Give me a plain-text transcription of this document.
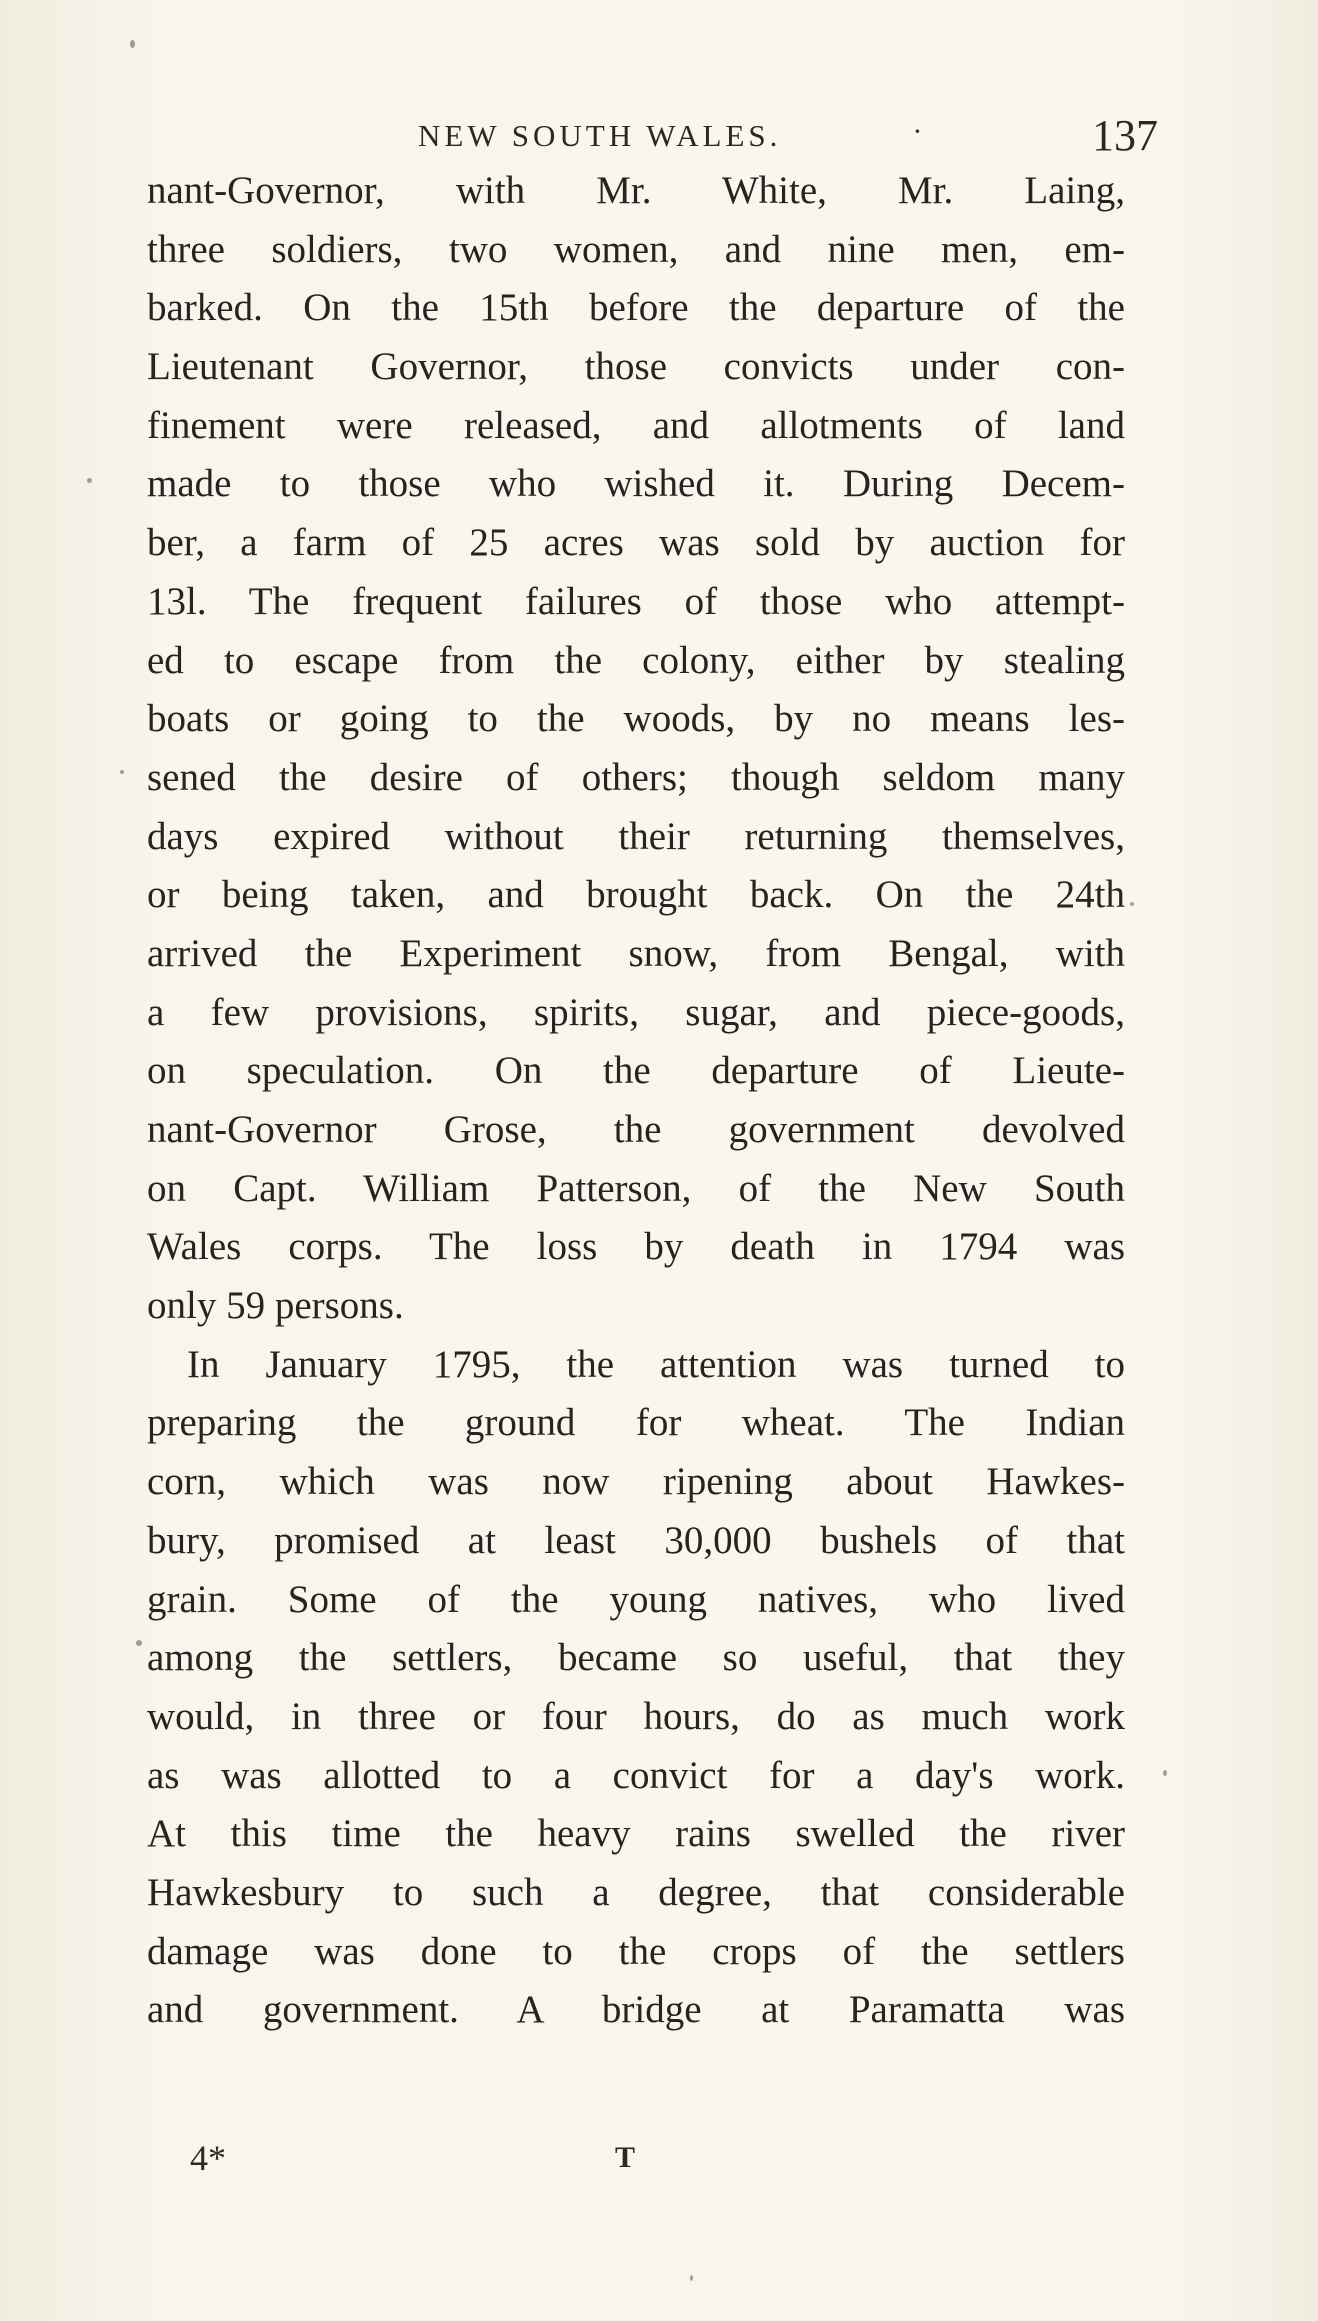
NEW SOUTH WALES.	·	137
nant-Governor, with Mr. White, Mr. Laing,
three soldiers, two women, and nine men, em-
barked. On the 15th before the departure of the
Lieutenant Governor, those convicts under con-
finement were released, and allotments of land
made to those who wished it. During Decem-
ber, a farm of 25 acres was sold by auction for
13l. The frequent failures of those who attempt-
ed to escape from the colony, either by stealing
boats or going to the woods, by no means les-
sened the desire of others; though seldom many
days expired without their returning themselves,
or being taken, and brought back. On the 24th
arrived the Experiment snow, from Bengal, with
a few provisions, spirits, sugar, and piece-goods,
on speculation. On the departure of Lieute-
nant-Governor Grose, the government devolved
on Capt. William Patterson, of the New South
Wales corps. The loss by death in 1794 was
only 59 persons.
In January 1795, the attention was turned to
preparing the ground for wheat. The Indian
corn, which was now ripening about Hawkes-
bury, promised at least 30,000 bushels of that
grain. Some of the young natives, who lived
among the settlers, became so useful, that they
would, in three or four hours, do as much work
as was allotted to a convict for a day's work.
At this time the heavy rains swelled the river
Hawkesbury to such a degree, that considerable
damage was done to the crops of the settlers
and government. A bridge at Paramatta was
4*	T
